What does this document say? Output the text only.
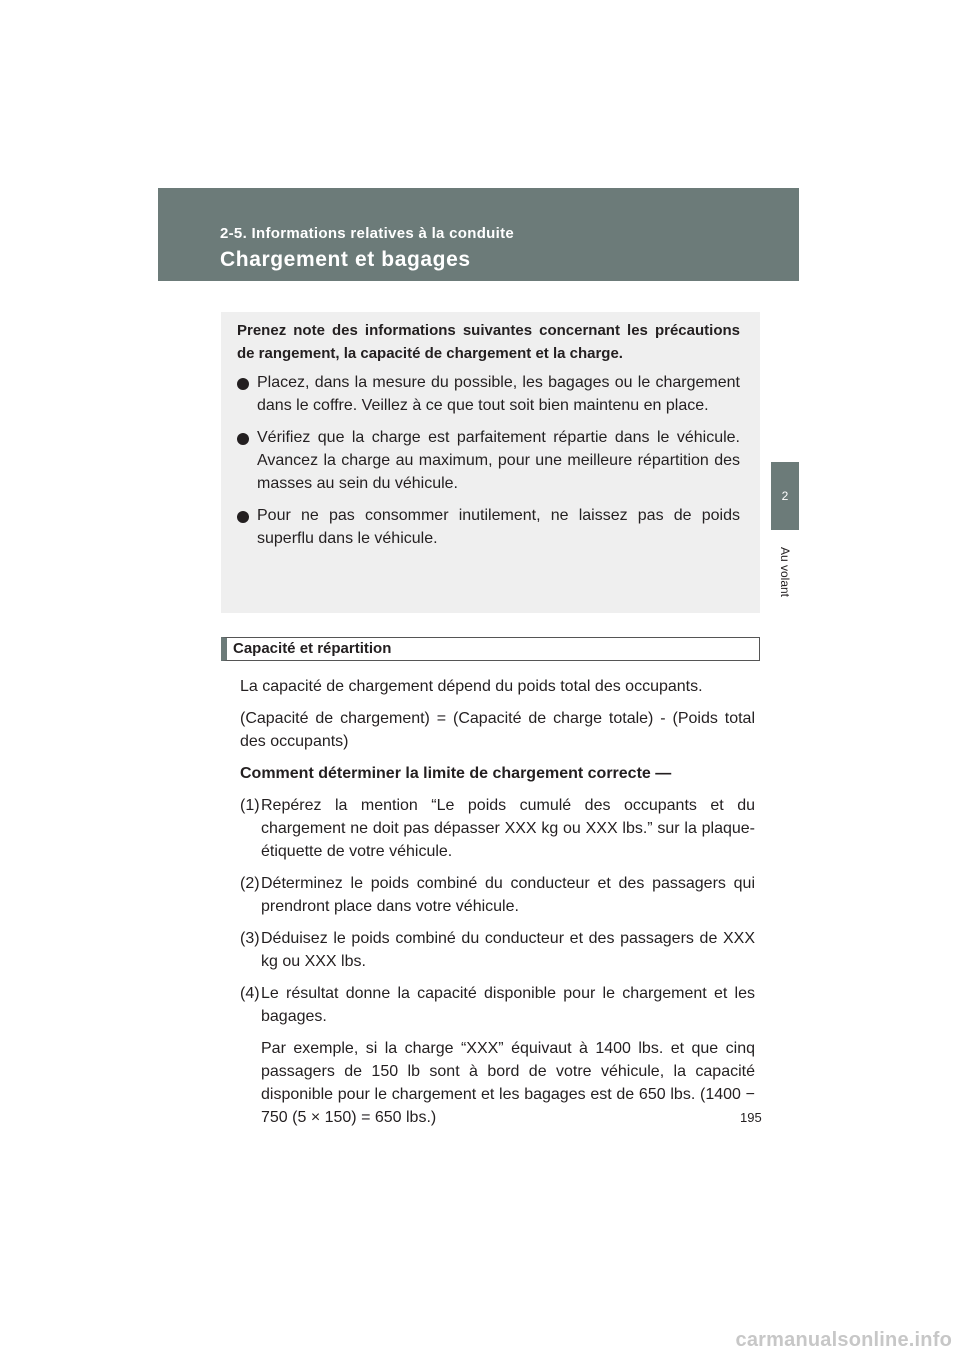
2-5. Informations relatives à la conduite
Chargement et bagages
2
Au volant

Prenez note des informations suivantes concernant les précautions de rangement, la capacité de chargement et la charge.

Placez, dans la mesure du possible, les bagages ou le chargement dans le coffre. Veillez à ce que tout soit bien maintenu en place.
Vérifiez que la charge est parfaitement répartie dans le véhicule. Avancez la charge au maximum, pour une meilleure répartition des masses au sein du véhicule.
Pour ne pas consommer inutilement, ne laissez pas de poids superflu dans le véhicule.
Capacité et répartition

La capacité de chargement dépend du poids total des occupants.

(Capacité de chargement) = (Capacité de charge totale) - (Poids total des occupants)

Comment déterminer la limite de chargement correcte —

(1) Repérez la mention “Le poids cumulé des occupants et du chargement ne doit pas dépasser XXX kg ou XXX lbs.” sur la plaque-étiquette de votre véhicule.
(2) Déterminez le poids combiné du conducteur et des passagers qui prendront place dans votre véhicule.
(3) Déduisez le poids combiné du conducteur et des passagers de XXX kg ou XXX lbs.
(4) Le résultat donne la capacité disponible pour le chargement et les bagages.

Par exemple, si la charge “XXX” équivaut à 1400 lbs. et que cinq passagers de 150 lb sont à bord de votre véhicule, la capacité disponible pour le chargement et les bagages est de 650 lbs. (1400 − 750 (5 × 150) = 650 lbs.)	195
carmanualsonline.info
